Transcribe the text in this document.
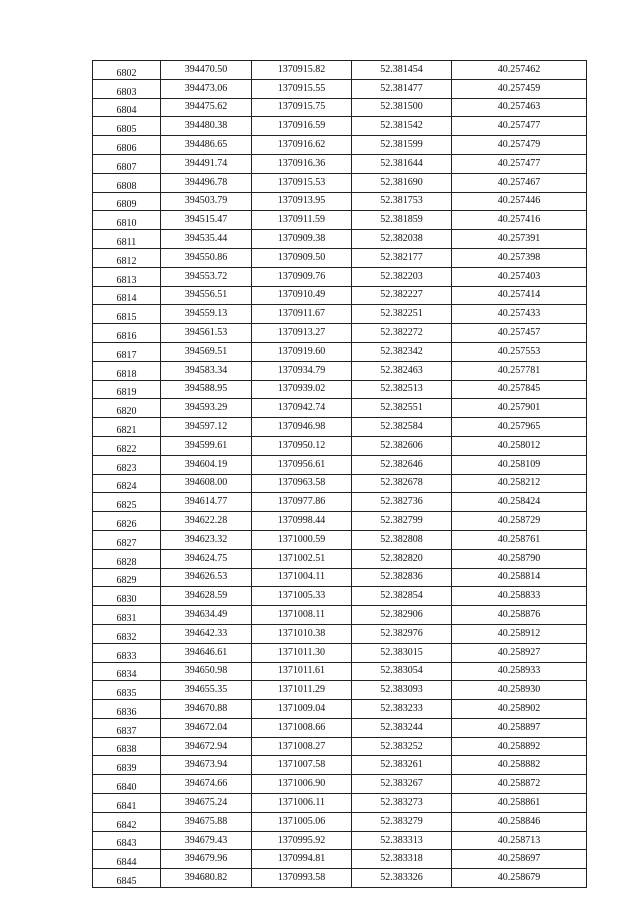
6802	394470.50	1370915.82	52.381454	40.257462
6803	394473.06	1370915.55	52.381477	40.257459
6804	394475.62	1370915.75	52.381500	40.257463
6805	394480.38	1370916.59	52.381542	40.257477
6806	394486.65	1370916.62	52.381599	40.257479
6807	394491.74	1370916.36	52.381644	40.257477
6808	394496.78	1370915.53	52.381690	40.257467
6809	394503.79	1370913.95	52.381753	40.257446
6810	394515.47	1370911.59	52.381859	40.257416
6811	394535.44	1370909.38	52.382038	40.257391
6812	394550.86	1370909.50	52.382177	40.257398
6813	394553.72	1370909.76	52.382203	40.257403
6814	394556.51	1370910.49	52.382227	40.257414
6815	394559.13	1370911.67	52.382251	40.257433
6816	394561.53	1370913.27	52.382272	40.257457
6817	394569.51	1370919.60	52.382342	40.257553
6818	394583.34	1370934.79	52.382463	40.257781
6819	394588.95	1370939.02	52.382513	40.257845
6820	394593.29	1370942.74	52.382551	40.257901
6821	394597.12	1370946.98	52.382584	40.257965
6822	394599.61	1370950.12	52.382606	40.258012
6823	394604.19	1370956.61	52.382646	40.258109
6824	394608.00	1370963.58	52.382678	40.258212
6825	394614.77	1370977.86	52.382736	40.258424
6826	394622.28	1370998.44	52.382799	40.258729
6827	394623.32	1371000.59	52.382808	40.258761
6828	394624.75	1371002.51	52.382820	40.258790
6829	394626.53	1371004.11	52.382836	40.258814
6830	394628.59	1371005.33	52.382854	40.258833
6831	394634.49	1371008.11	52.382906	40.258876
6832	394642.33	1371010.38	52.382976	40.258912
6833	394646.61	1371011.30	52.383015	40.258927
6834	394650.98	1371011.61	52.383054	40.258933
6835	394655.35	1371011.29	52.383093	40.258930
6836	394670.88	1371009.04	52.383233	40.258902
6837	394672.04	1371008.66	52.383244	40.258897
6838	394672.94	1371008.27	52.383252	40.258892
6839	394673.94	1371007.58	52.383261	40.258882
6840	394674.66	1371006.90	52.383267	40.258872
6841	394675.24	1371006.11	52.383273	40.258861
6842	394675.88	1371005.06	52.383279	40.258846
6843	394679.43	1370995.92	52.383313	40.258713
6844	394679.96	1370994.81	52.383318	40.258697
6845	394680.82	1370993.58	52.383326	40.258679
